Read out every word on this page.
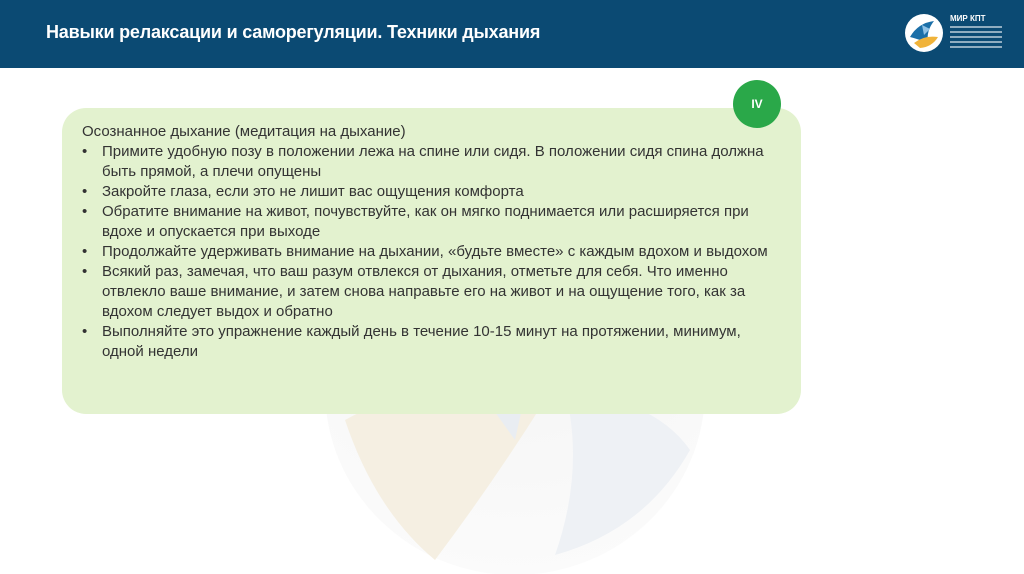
Навыки релаксации и саморегуляции. Техники дыхания
МИР КПТ
Осознанное дыхание (медитация на дыхание)
• Примите удобную позу в положении лежа на спине или сидя. В положении сидя спина должна быть прямой, а плечи опущены
• Закройте глаза, если это не лишит вас ощущения комфорта
• Обратите внимание на живот, почувствуйте, как он мягко поднимается или расширяется при вдохе и опускается при выходе
• Продолжайте удерживать внимание на дыхании, «будьте вместе» с каждым вдохом и выдохом
• Всякий раз, замечая, что ваш разум отвлекся от дыхания, отметьте для себя. Что именно отвлекло ваше внимание, и затем снова направьте его на живот и на ощущение того, как за вдохом следует выдох и обратно
• Выполняйте это упражнение каждый день в течение 10-15 минут на протяжении, минимум, одной недели
IV
